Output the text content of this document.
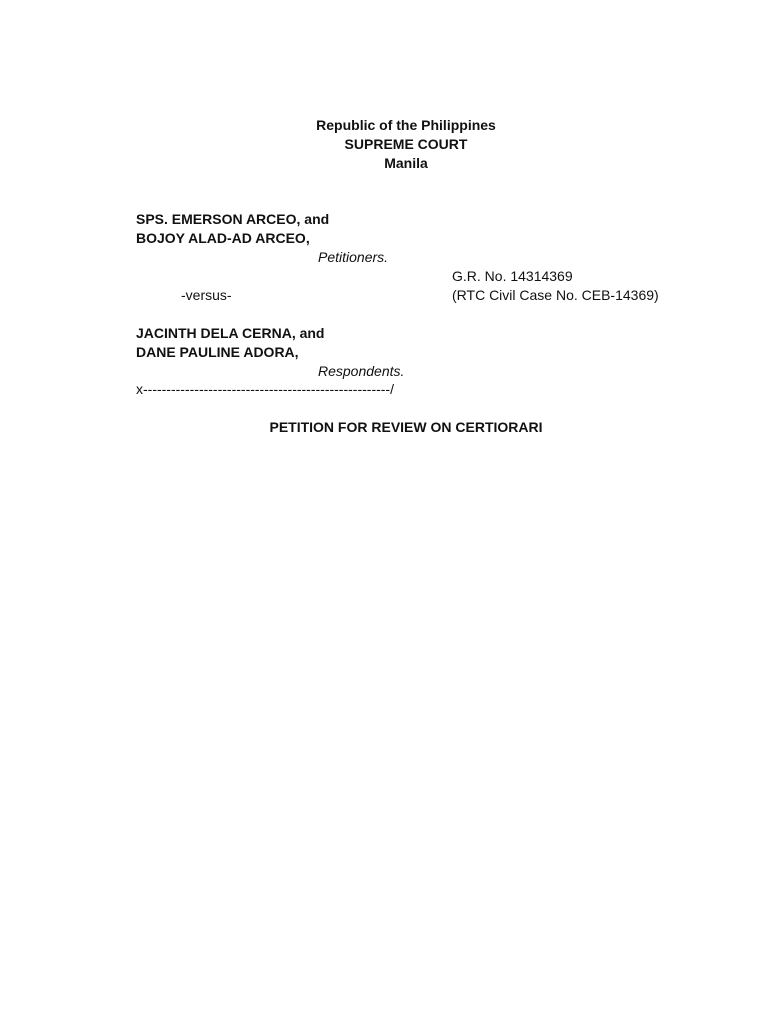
Republic of the Philippines
SUPREME COURT
Manila
SPS. EMERSON ARCEO, and
BOJOY ALAD-AD ARCEO,
Petitioners.
G.R. No. 14314369
-versus-	(RTC Civil Case No. CEB-14369)
JACINTH DELA CERNA, and
DANE PAULINE ADORA,
Respondents.
x-----------------------------------------------------/
PETITION FOR REVIEW ON CERTIORARI
